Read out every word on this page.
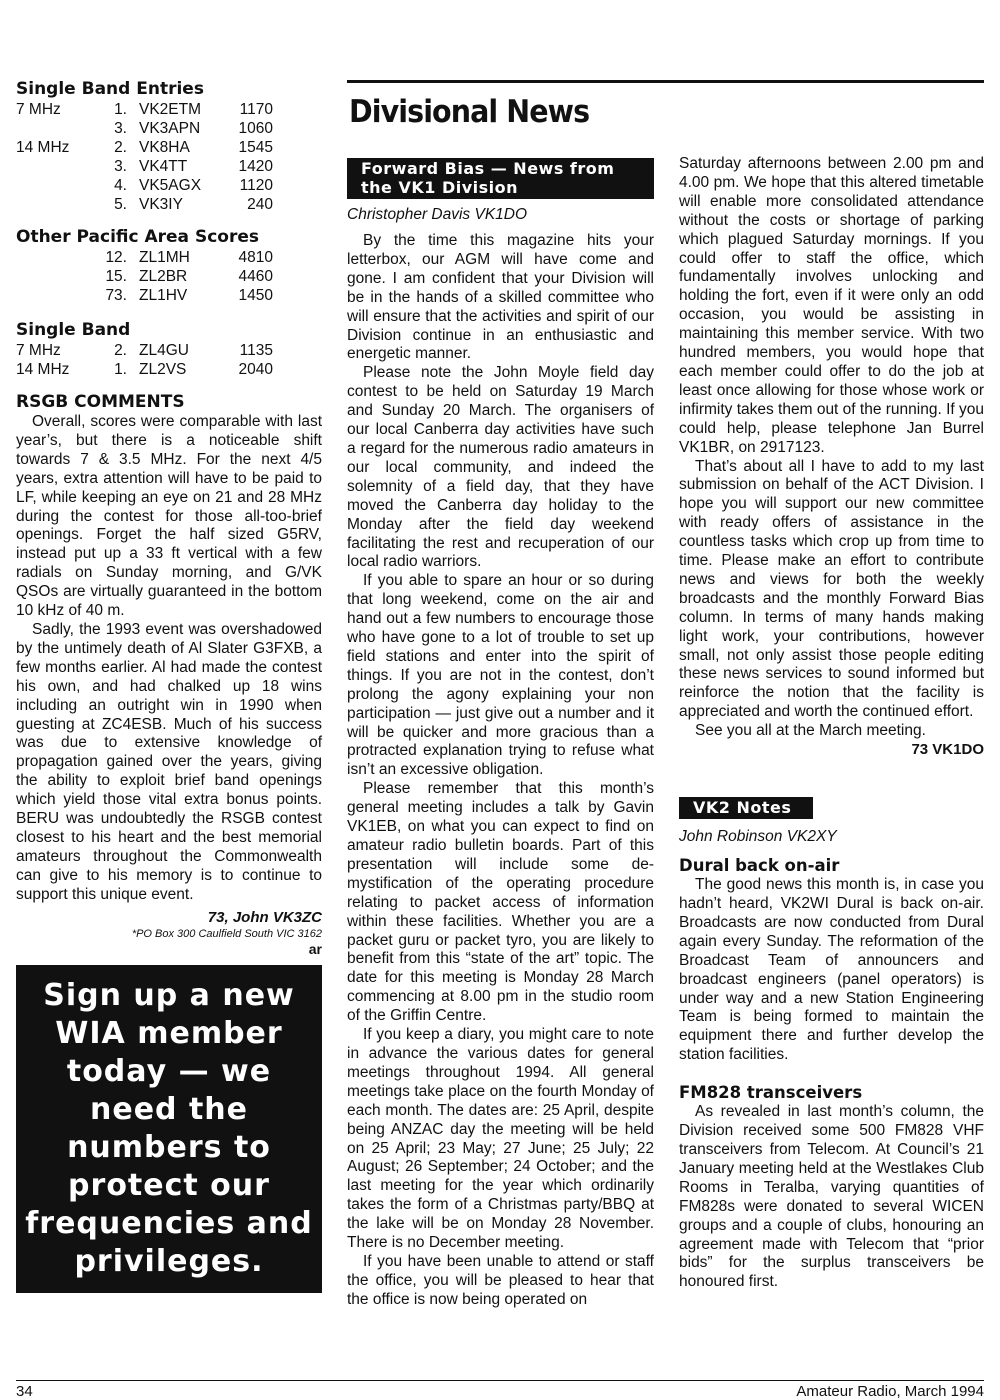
Single Band Entries
7 MHz	1.	VK2ETM	1170
	3.	VK3APN	1060
14 MHz	2.	VK8HA	1545
	3.	VK4TT	1420
	4.	VK5AGX	1120
	5.	VK3IY	240
Other Pacific Area Scores
	12.	ZL1MH	4810
	15.	ZL2BR	4460
	73.	ZL1HV	1450
Single Band
7 MHz	2.	ZL4GU	1135
14 MHz	1.	ZL2VS	2040
RSGB COMMENTS

Overall, scores were comparable with last year’s, but there is a noticeable shift towards 7 & 3.5 MHz. For the next 4/5 years, extra attention will have to be paid to LF, while keeping an eye on 21 and 28 MHz during the contest for those all-too-brief openings. Forget the half sized G5RV, instead put up a 33 ft vertical with a few radials on Sunday morning, and G/VK QSOs are virtually guaranteed in the bottom 10 kHz of 40 m.

Sadly, the 1993 event was overshadowed by the untimely death of Al Slater G3FXB, a few months earlier. Al had made the contest his own, and had chalked up 18 wins including an outright win in 1990 when guesting at ZC4ESB. Much of his success was due to extensive knowledge of propagation gained over the years, giving the ability to exploit brief band openings which yield those vital extra bonus points. BERU was undoubtedly the RSGB contest closest to his heart and the best memorial amateurs throughout the Commonwealth can give to his memory is to continue to support this unique event.

73, John VK3ZC

*PO Box 300 Caulfield South VIC 3162

ar

Sign up a new WIA member today — we need the numbers to protect our frequencies and privileges.
Divisional News
Forward Bias — News from the VK1 Division

Christopher Davis VK1DO

By the time this magazine hits your letterbox, our AGM will have come and gone. I am confident that your Division will be in the hands of a skilled committee who will ensure that the activities and spirit of our Division continue in an enthusiastic and energetic manner.

Please note the John Moyle field day contest to be held on Saturday 19 March and Sunday 20 March. The organisers of our local Canberra day activities have such a regard for the numerous radio amateurs in our local community, and indeed the solemnity of a field day, that they have moved the Canberra day holiday to the Monday after the field day weekend facilitating the rest and recuperation of our local radio warriors.

If you able to spare an hour or so during that long weekend, come on the air and hand out a few numbers to encourage those who have gone to a lot of trouble to set up field stations and enter into the spirit of things. If you are not in the contest, don’t prolong the agony explaining your non participation — just give out a number and it will be quicker and more gracious than a protracted explanation trying to refuse what isn’t an excessive obligation.

Please remember that this month’s general meeting includes a talk by Gavin VK1EB, on what you can expect to find on amateur radio bulletin boards. Part of this presentation will include some de-mystification of the operating procedure relating to packet access of information within these facilities. Whether you are a packet guru or packet tyro, you are likely to benefit from this “state of the art” topic. The date for this meeting is Monday 28 March commencing at 8.00 pm in the studio room of the Griffin Centre.

If you keep a diary, you might care to note in advance the various dates for general meetings throughout 1994. All general meetings take place on the fourth Monday of each month. The dates are: 25 April, despite being ANZAC day the meeting will be held on 25 April; 23 May; 27 June; 25 July; 22 August; 26 September; 24 October; and the last meeting for the year which ordinarily takes the form of a Christmas party/BBQ at the lake will be on Monday 28 November. There is no December meeting.

If you have been unable to attend or staff the office, you will be pleased to hear that the office is now being operated on

Saturday afternoons between 2.00 pm and 4.00 pm. We hope that this altered timetable will enable more consolidated attendance without the costs or shortage of parking which plagued Saturday mornings. If you could offer to staff the office, which fundamentally involves unlocking and holding the fort, even if it were only an odd occasion, you would be assisting in maintaining this member service. With two hundred members, you would hope that each member could offer to do the job at least once allowing for those whose work or infirmity takes them out of the running. If you could help, please telephone Jan Burrel VK1BR, on 2917123.

That’s about all I have to add to my last submission on behalf of the ACT Division. I hope you will support our new committee with ready offers of assistance in the countless tasks which crop up from time to time. Please make an effort to contribute news and views for both the weekly broadcasts and the monthly Forward Bias column. In terms of many hands making light work, your contributions, however small, not only assist those people editing these news services to sound informed but reinforce the notion that the facility is appreciated and worth the continued effort.

See you all at the March meeting.

73 VK1DO

VK2 Notes

John Robinson VK2XY

Dural back on-air

The good news this month is, in case you hadn’t heard, VK2WI Dural is back on-air. Broadcasts are now conducted from Dural again every Sunday. The reformation of the Broadcast Team of announcers and broadcast engineers (panel operators) is under way and a new Station Engineering Team is being formed to maintain the equipment there and further develop the station facilities.

FM828 transceivers

As revealed in last month’s column, the Division received some 500 FM828 VHF transceivers from Telecom. At Council’s 21 January meeting held at the Westlakes Club Rooms in Teralba, varying quantities of FM828s were donated to several WICEN groups and a couple of clubs, honouring an agreement made with Telecom that “prior bids” for the surplus transceivers be honoured first.

34	Amateur Radio, March 1994
